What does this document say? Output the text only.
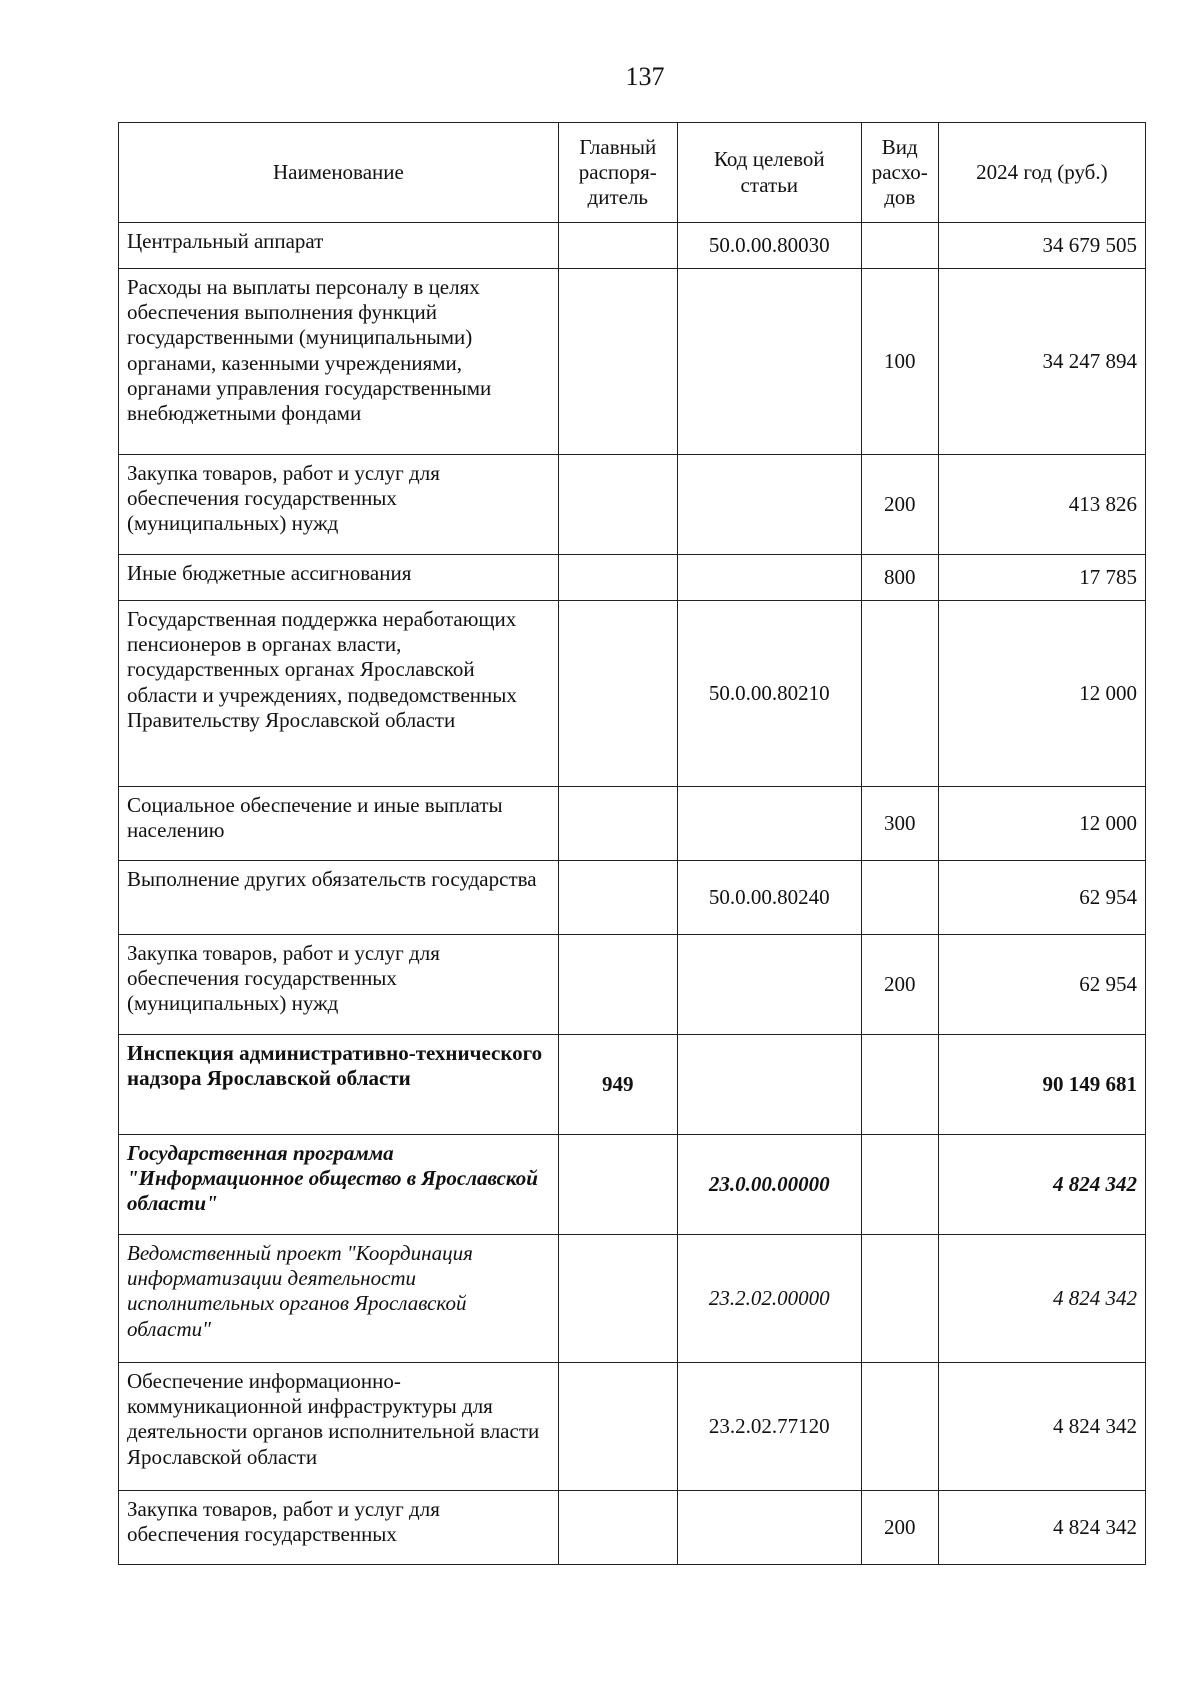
137
Наименование	Главный распоря- дитель	Код целевой статьи	Вид расхо- дов	2024 год (руб.)
Центральный аппарат		50.0.00.80030		34 679 505
Расходы на выплаты персоналу в целях обеспечения выполнения функций государственными (муниципальными) органами, казенными учреждениями, органами управления государственными внебюджетными фондами			100	34 247 894
Закупка товаров, работ и услуг для обеспечения государственных (муниципальных) нужд			200	413 826
Иные бюджетные ассигнования			800	17 785
Государственная поддержка неработающих пенсионеров в органах власти, государственных органах Ярославской области и учреждениях, подведомственных Правительству Ярославской области		50.0.00.80210		12 000
Социальное обеспечение и иные выплаты населению			300	12 000
Выполнение других обязательств государства		50.0.00.80240		62 954
Закупка товаров, работ и услуг для обеспечения государственных (муниципальных) нужд			200	62 954
Инспекция административно-технического надзора Ярославской области	949			90 149 681
Государственная программа "Информационное общество в Ярославской области"		23.0.00.00000		4 824 342
Ведомственный проект "Координация информатизации деятельности исполнительных органов Ярославской области"		23.2.02.00000		4 824 342
Обеспечение информационно-коммуникационной инфраструктуры для деятельности органов исполнительной власти Ярославской области		23.2.02.77120		4 824 342
Закупка товаров, работ и услуг для обеспечения государственных			200	4 824 342
